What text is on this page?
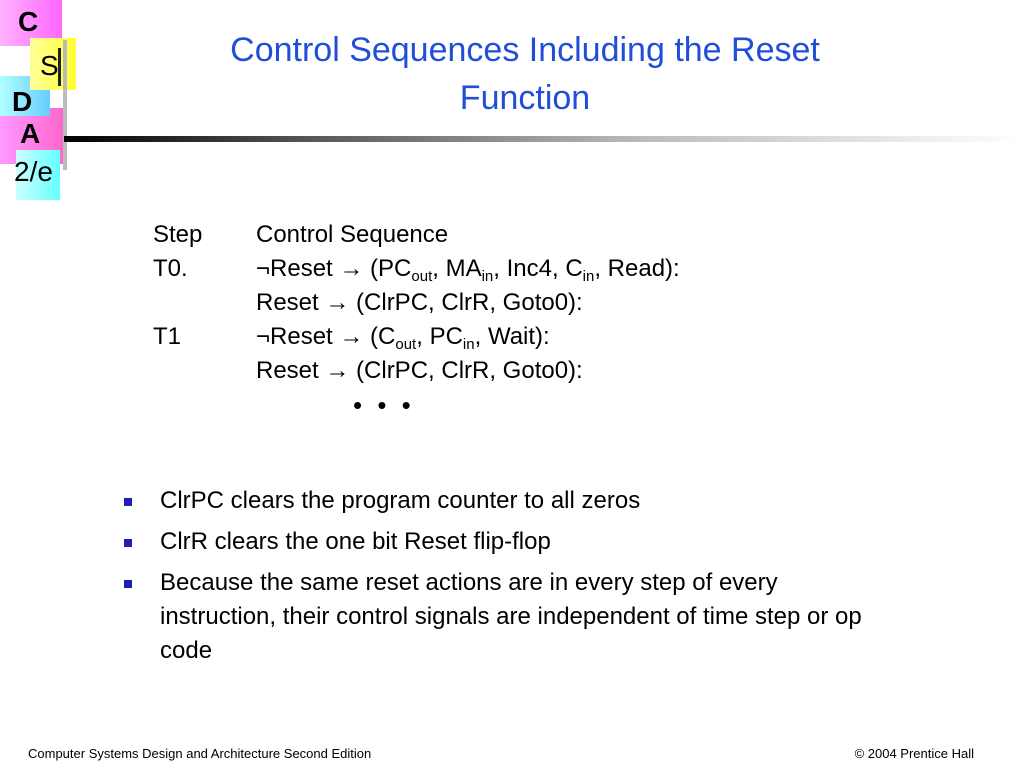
C
S
D
A
2/e
Control Sequences Including the Reset
Function
Step Control Sequence
T0.	¬Reset → ($PC_{out}$, $MA_{in}$, Inc4, $C_{in}$, Read):
Reset → (ClrPC, ClrR, Goto0):
T1	¬Reset → ($C_{out}$, $PC_{in}$, Wait):
Reset → (ClrPC, ClrR, Goto0):
• • •
ClrPC clears the program counter to all zeros
ClrR clears the one bit Reset flip-flop
Because the same reset actions are in every step of every instruction, their control signals are independent of time step or op code
Computer Systems Design and Architecture Second Edition	© 2004 Prentice Hall
